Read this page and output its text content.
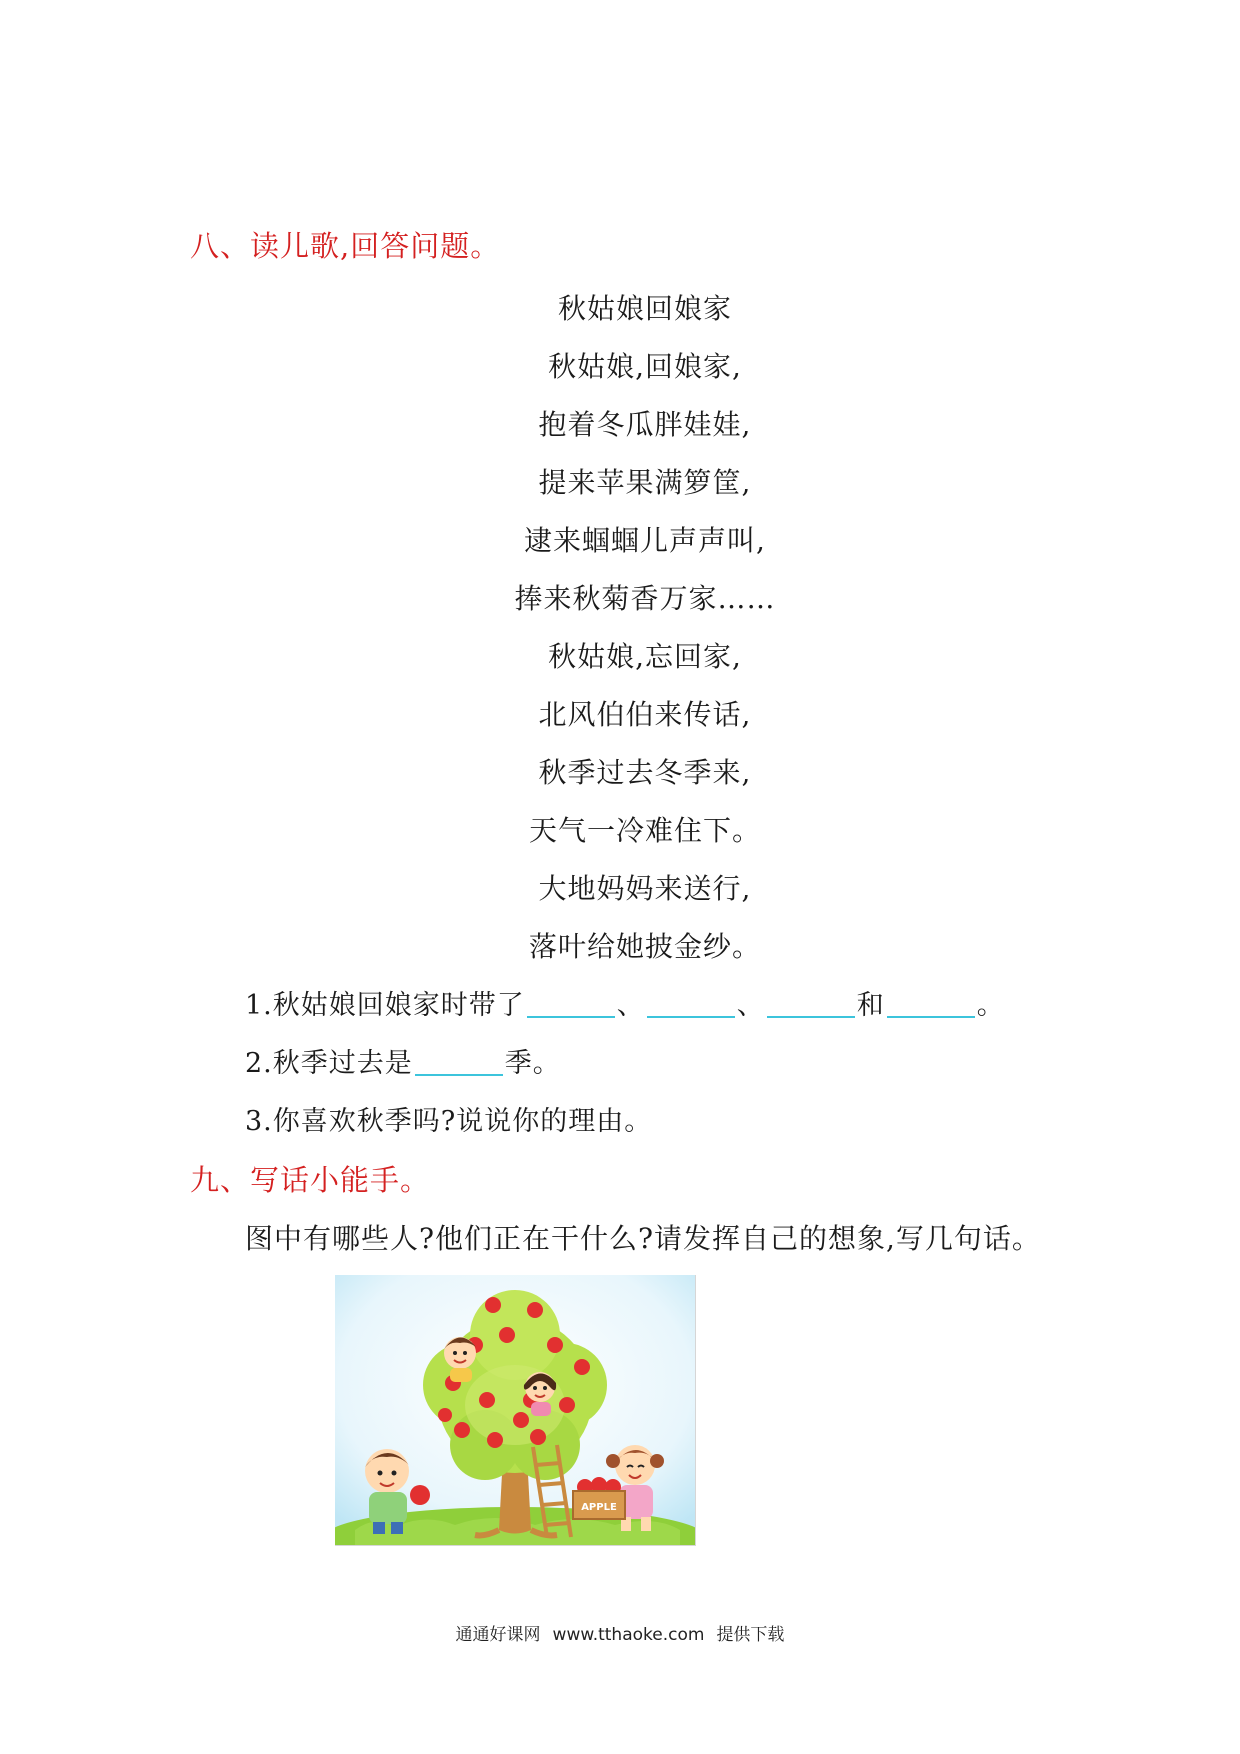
八、读儿歌,回答问题。
秋姑娘回娘家
秋姑娘,回娘家,
抱着冬瓜胖娃娃,
提来苹果满箩筐,
逮来蝈蝈儿声声叫,
捧来秋菊香万家……
秋姑娘,忘回家,
北风伯伯来传话,
秋季过去冬季来,
天气一冷难住下。
大地妈妈来送行,
落叶给她披金纱。
1.秋姑娘回娘家时带了	、	、	和	。
2.秋季过去是	季。
3.你喜欢秋季吗?说说你的理由。
九、写话小能手。
图中有哪些人?他们正在干什么?请发挥自己的想象,写几句话。
APPLE
通通好课网 www.tthaoke.com 提供下载
